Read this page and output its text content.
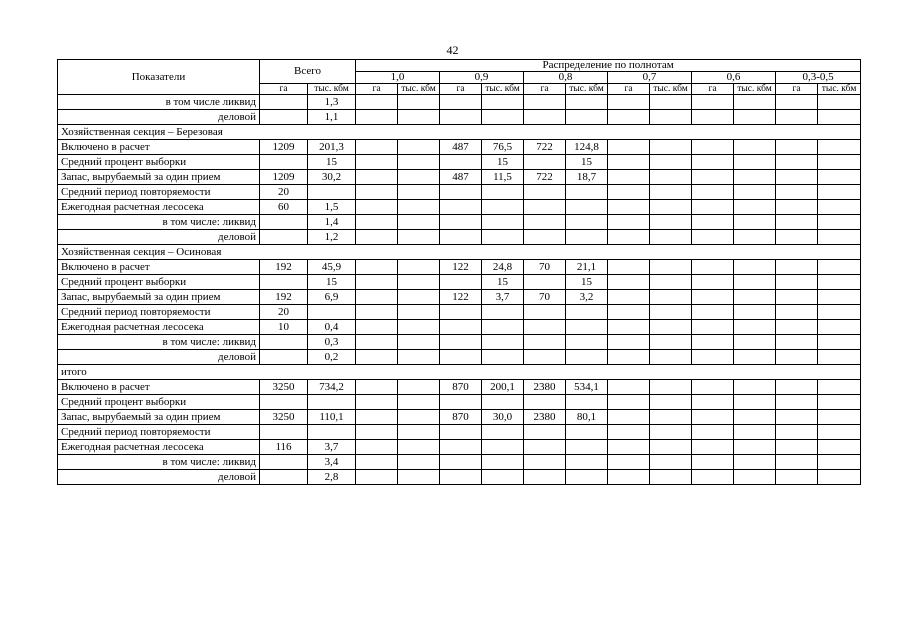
42
Показатели	Всего		Распределение по полнотам											
			1,0		0,9		0,8		0,7		0,6		0,3-0,5	
	га	тыс. кбм	га	тыс. кбм	га	тыс. кбм	га	тыс. кбм	га	тыс. кбм	га	тыс. кбм	га	тыс. кбм
в том числе ликвид		1,3												
деловой		1,1												
Хозяйственная секция – Березовая														
Включено в расчет	1209	201,3			487	76,5	722	124,8						
Средний процент выборки		15				15		15						
Запас, вырубаемый за один прием	1209	30,2			487	11,5	722	18,7						
Средний период повторяемости	20													
Ежегодная расчетная лесосека	60	1,5												
в том числе: ликвид		1,4												
деловой		1,2												
Хозяйственная секция – Осиновая														
Включено в расчет	192	45,9			122	24,8	70	21,1						
Средний процент выборки		15				15		15						
Запас, вырубаемый за один прием	192	6,9			122	3,7	70	3,2						
Средний период повторяемости	20													
Ежегодная расчетная лесосека	10	0,4												
в том числе: ликвид		0,3												
деловой		0,2												
итого														
Включено в расчет	3250	734,2			870	200,1	2380	534,1						
Средний процент выборки														
Запас, вырубаемый за один прием	3250	110,1			870	30,0	2380	80,1						
Средний период повторяемости														
Ежегодная расчетная лесосека	116	3,7												
в том числе: ликвид		3,4												
деловой		2,8												
